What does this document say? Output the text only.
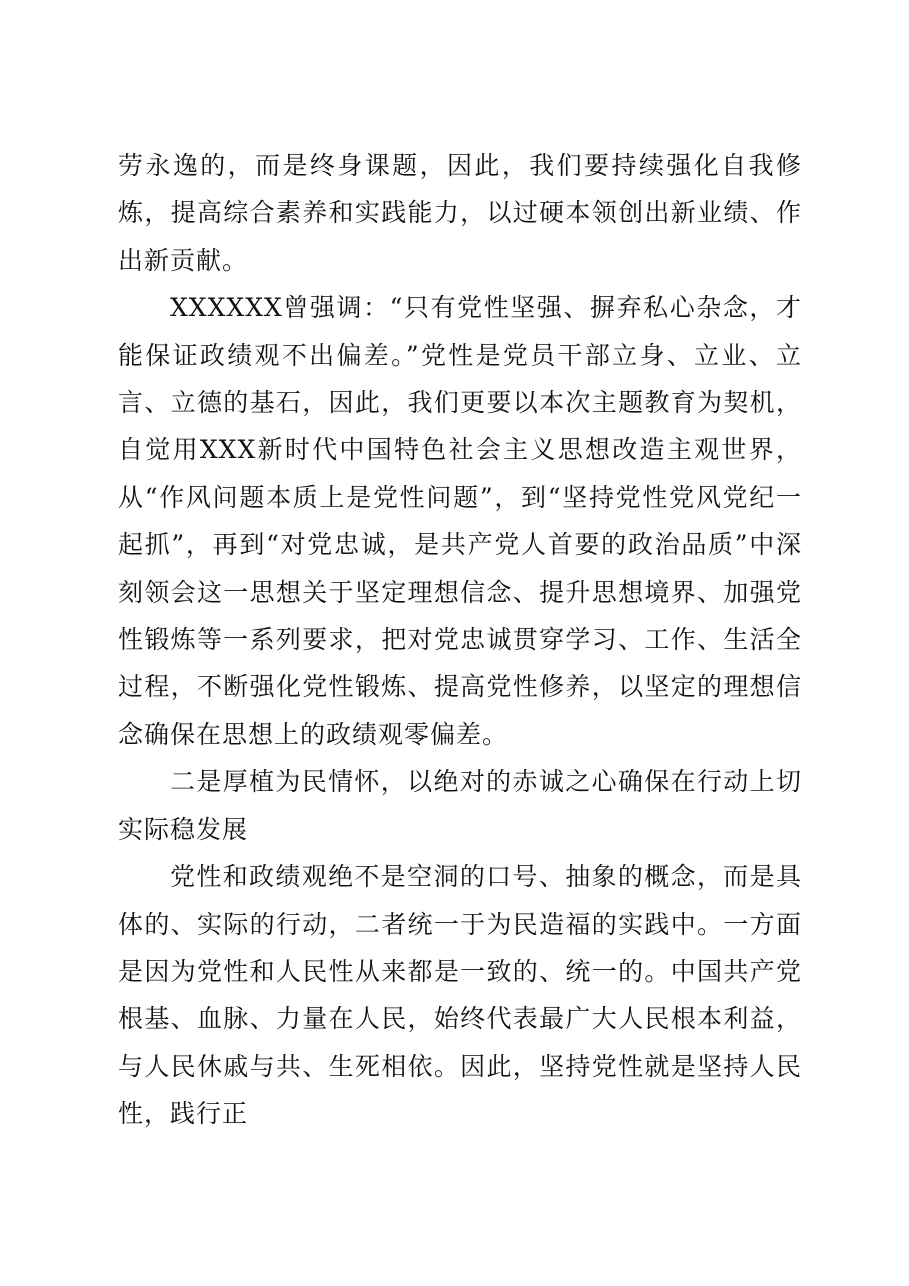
劳永逸的，而是终身课题，因此，我们要持续强化自我修炼，提高综合素养和实践能力，以过硬本领创出新业绩、作出新贡献。

XXXXXX曾强调：“只有党性坚强、摒弃私心杂念，才能保证政绩观不出偏差。”党性是党员干部立身、立业、立言、立德的基石，因此，我们更要以本次主题教育为契机，自觉用XXX新时代中国特色社会主义思想改造主观世界，从“作风问题本质上是党性问题”，到“坚持党性党风党纪一起抓”，再到“对党忠诚，是共产党人首要的政治品质”中深刻领会这一思想关于坚定理想信念、提升思想境界、加强党性锻炼等一系列要求，把对党忠诚贯穿学习、工作、生活全过程，不断强化党性锻炼、提高党性修养，以坚定的理想信念确保在思想上的政绩观零偏差。

二是厚植为民情怀，以绝对的赤诚之心确保在行动上切实际稳发展

党性和政绩观绝不是空洞的口号、抽象的概念，而是具体的、实际的行动，二者统一于为民造福的实践中。一方面是因为党性和人民性从来都是一致的、统一的。中国共产党根基、血脉、力量在人民，始终代表最广大人民根本利益，与人民休戚与共、生死相依。因此，坚持党性就是坚持人民性，践行正
